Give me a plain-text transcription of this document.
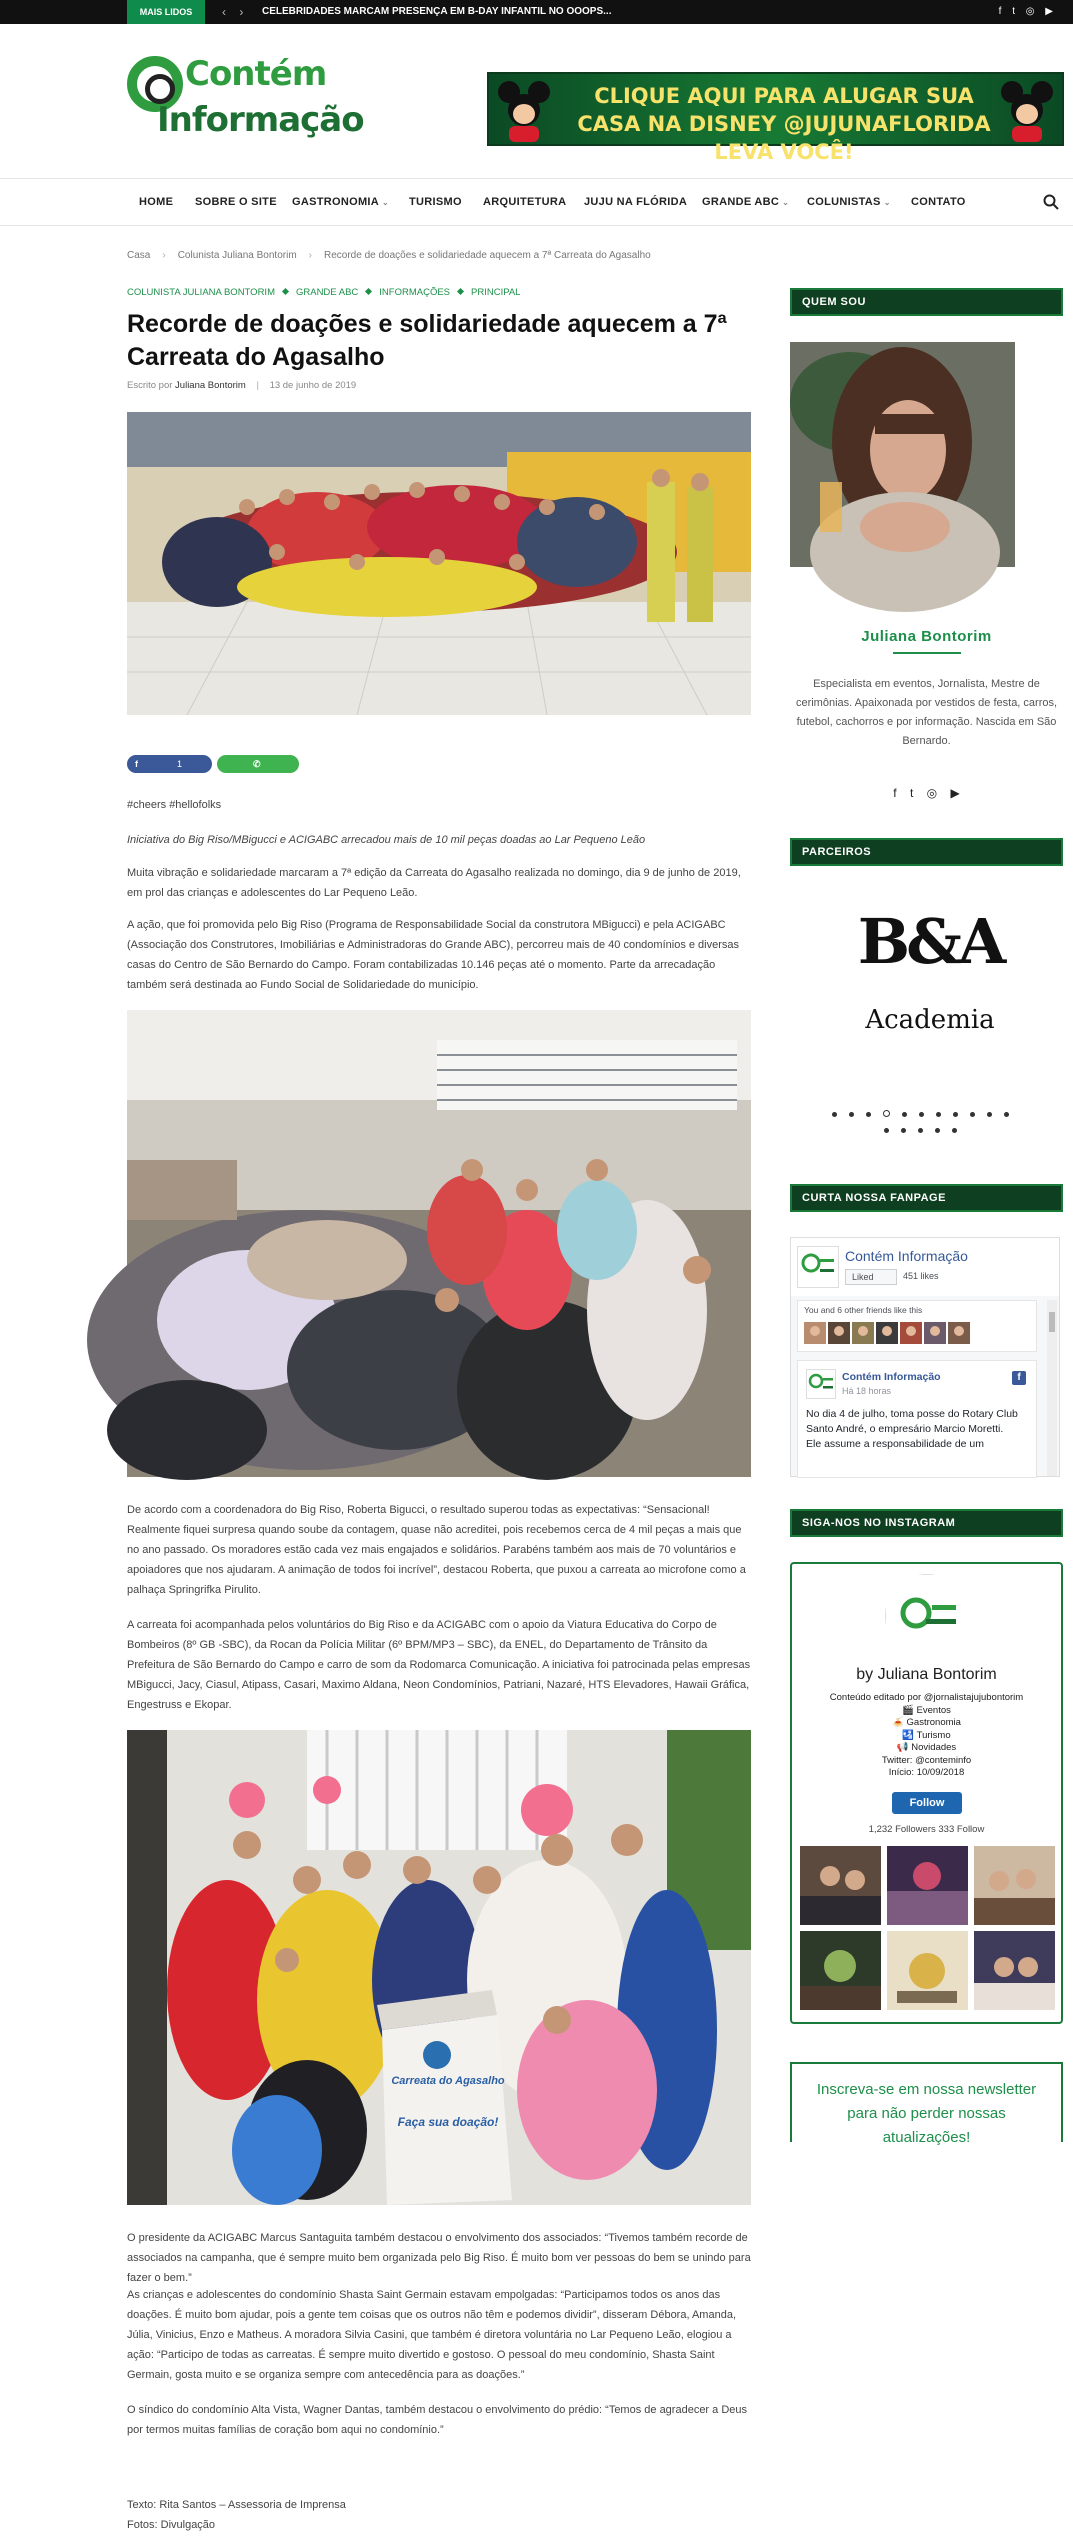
MAIS LIDOS	‹ ›	CELEBRIDADES MARCAM PRESENÇA EM B-DAY INFANTIL NO OOOPS...	f t ◎ ▶
Contém
Informação
CLIQUE AQUI PARA ALUGAR SUA CASA NA DISNEY @JUJUNAFLORIDA LEVA VOCÊ!
HOME SOBRE O SITE GASTRONOMIA ⌄ TURISMO ARQUITETURA JUJU NA FLÓRIDA GRANDE ABC ⌄ COLUNISTAS ⌄ CONTATO
Casa › Colunista Juliana Bontorim › Recorde de doações e solidariedade aquecem a 7ª Carreata do Agasalho
COLUNISTA JULIANA BONTORIM GRANDE ABC INFORMAÇÕES PRINCIPAL
Recorde de doações e solidariedade aquecem a 7ª Carreata do Agasalho
Escrito por Juliana Bontorim | 13 de junho de 2019
f	1	✆
#cheers #hellofolks
Iniciativa do Big Riso/MBigucci e ACIGABC arrecadou mais de 10 mil peças doadas ao Lar Pequeno Leão
Muita vibração e solidariedade marcaram a 7ª edição da Carreata do Agasalho realizada no domingo, dia 9 de junho de 2019, em prol das crianças e adolescentes do Lar Pequeno Leão.
A ação, que foi promovida pelo Big Riso (Programa de Responsabilidade Social da construtora MBigucci) e pela ACIGABC (Associação dos Construtores, Imobiliárias e Administradoras do Grande ABC), percorreu mais de 40 condomínios e diversas casas do Centro de São Bernardo do Campo. Foram contabilizadas 10.146 peças até o momento. Parte da arrecadação também será destinada ao Fundo Social de Solidariedade do município.
De acordo com a coordenadora do Big Riso, Roberta Bigucci, o resultado superou todas as expectativas: “Sensacional! Realmente fiquei surpresa quando soube da contagem, quase não acreditei, pois recebemos cerca de 4 mil peças a mais que no ano passado. Os moradores estão cada vez mais engajados e solidários. Parabéns também aos mais de 70 voluntários e apoiadores que nos ajudaram. A animação de todos foi incrível”, destacou Roberta, que puxou a carreata ao microfone como a palhaça Springrifka Pirulito.
A carreata foi acompanhada pelos voluntários do Big Riso e da ACIGABC com o apoio da Viatura Educativa do Corpo de Bombeiros (8º GB -SBC), da Rocan da Polícia Militar (6º BPM/MP3 – SBC), da ENEL, do Departamento de Trânsito da Prefeitura de São Bernardo do Campo e carro de som da Rodomarca Comunicação. A iniciativa foi patrocinada pelas empresas MBigucci, Jacy, Ciasul, Atipass, Casari, Maximo Aldana, Neon Condomínios, Patriani, Nazaré, HTS Elevadores, Hawaii Gráfica, Engestruss e Ekopar.
Carreata do Agasalho
Faça sua doação!
O presidente da ACIGABC Marcus Santaguita também destacou o envolvimento dos associados: “Tivemos também recorde de associados na campanha, que é sempre muito bem organizada pelo Big Riso. É muito bom ver pessoas do bem se unindo para fazer o bem.”
As crianças e adolescentes do condomínio Shasta Saint Germain estavam empolgadas: “Participamos todos os anos das doações. É muito bom ajudar, pois a gente tem coisas que os outros não têm e podemos dividir”, disseram Débora, Amanda, Júlia, Vinicius, Enzo e Matheus. A moradora Silvia Casini, que também é diretora voluntária no Lar Pequeno Leão, elogiou a ação: “Participo de todas as carreatas. É sempre muito divertido e gostoso. O pessoal do meu condomínio, Shasta Saint Germain, gosta muito e se organiza sempre com antecedência para as doações.”
O síndico do condomínio Alta Vista, Wagner Dantas, também destacou o envolvimento do prédio: “Temos de agradecer a Deus por termos muitas famílias de coração bom aqui no condomínio.”
Texto: Rita Santos – Assessoria de Imprensa
Fotos: Divulgação
QUEM SOU
Juliana Bontorim
Especialista em eventos, Jornalista, Mestre de cerimônias. Apaixonada por vestidos de festa, carros, futebol, cachorros e por informação. Nascida em São Bernardo.
f t ◎ ▶
PARCEIROS
B&A
Academia

CURTA NOSSA FANPAGE
Contém Informação
Liked	451 likes
You and 6 other friends like this
Contém Informação
Há 18 horas
f
No dia 4 de julho, toma posse do Rotary Club Santo André, o empresário Marcio Moretti.
Ele assume a responsabilidade de um
SIGA-NOS NO INSTAGRAM
by Juliana Bontorim
Conteúdo editado por @jornalistajujubontorim
🎬 Eventos
🍝 Gastronomia
🛂 Turismo
📢 Novidades
Twitter: @conteminfo
Início: 10/09/2018
Follow
1,232 Followers 333 Follow
Inscreva-se em nossa newsletter para não perder nossas atualizações!
